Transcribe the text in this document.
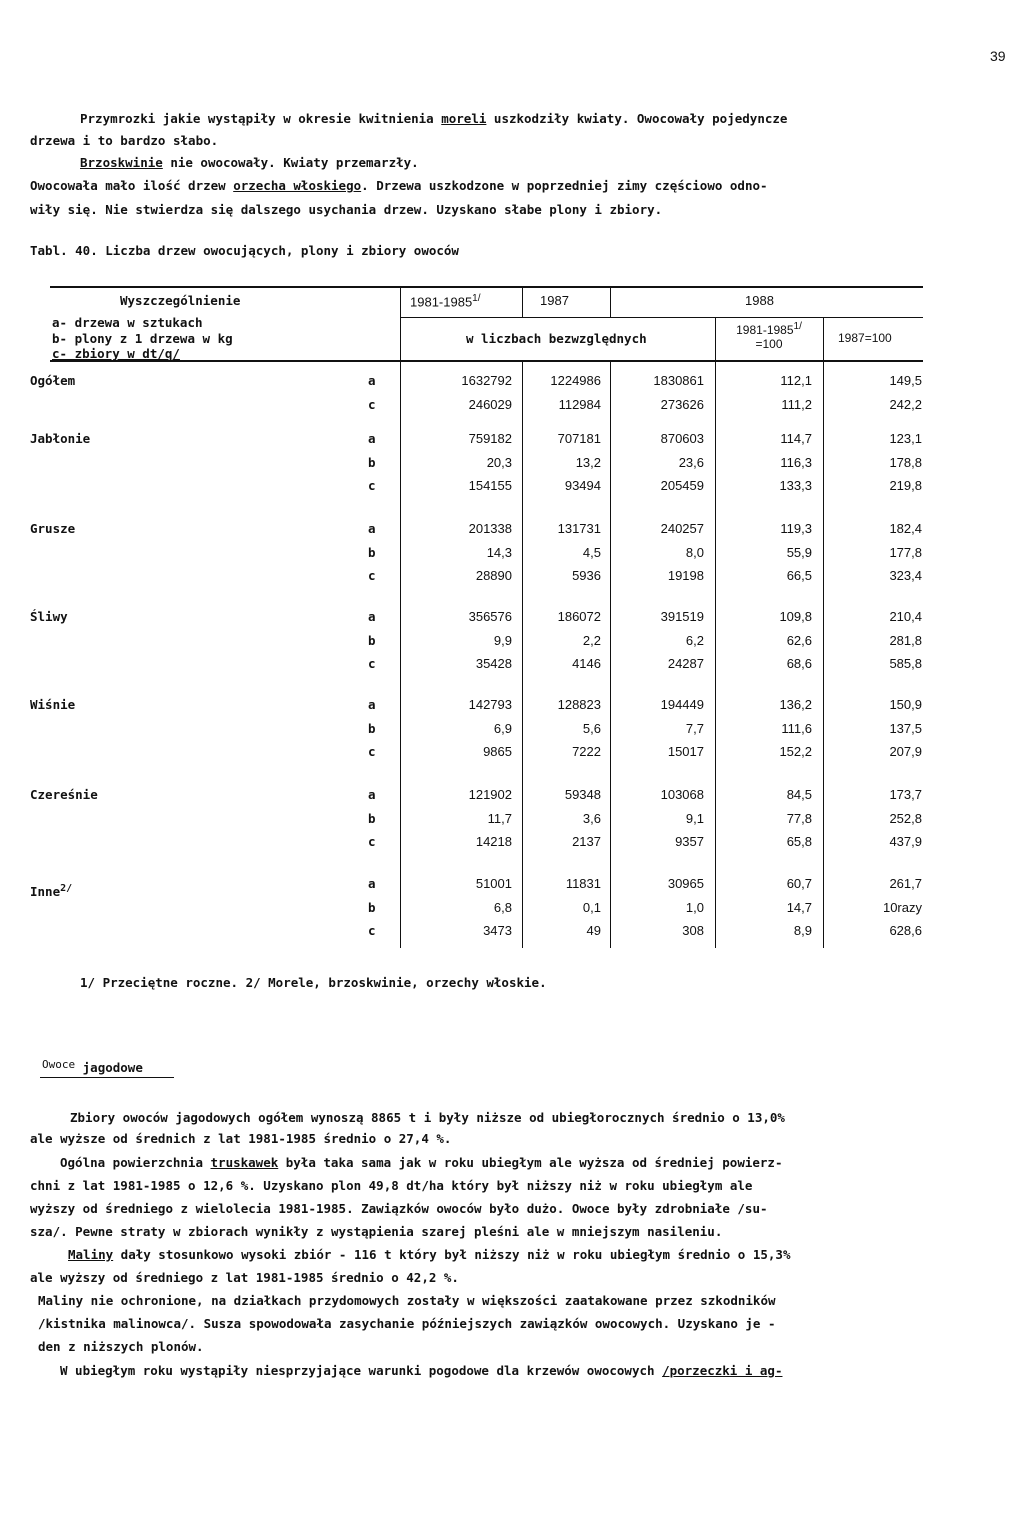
39
Przymrozki jakie wystąpiły w okresie kwitnienia moreli uszkodziły kwiaty. Owocowały pojedyncze
drzewa i to bardzo słabo.
Brzoskwinie nie owocowały. Kwiaty przemarzły.
Owocowała mało ilość drzew orzecha włoskiego. Drzewa uszkodzone w poprzedniej zimy częściowo odno-
wiły się. Nie stwierdza się dalszego usychania drzew. Uzyskano słabe plony i zbiory.
Tabl. 40. Liczba drzew owocujących, plony i zbiory owoców
Wyszczególnienie
a- drzewa w sztukach
b- plony z 1 drzewa w kg
c- zbiory w dt/q/
$1981-1985^{1/}$	1987	1988
w liczbach bezwzględnych
$1981-1985^{1/}$
=100	1987=100
Ogółem	a	1632792	1224986	1830861	112,1	149,5
c	246029	112984	273626	111,2	242,2
Jabłonie	a	759182	707181	870603	114,7	123,1
b	20,3	13,2	23,6	116,3	178,8
c	154155	93494	205459	133,3	219,8
Grusze	a	201338	131731	240257	119,3	182,4
b	14,3	4,5	8,0	55,9	177,8
c	28890	5936	19198	66,5	323,4
Śliwy	a	356576	186072	391519	109,8	210,4
b	9,9	2,2	6,2	62,6	281,8
c	35428	4146	24287	68,6	585,8
Wiśnie	a	142793	128823	194449	136,2	150,9
b	6,9	5,6	7,7	111,6	137,5
c	9865	7222	15017	152,2	207,9
Czereśnie	a	121902	59348	103068	84,5	173,7
b	11,7	3,6	9,1	77,8	252,8
c	14218	2137	9357	65,8	437,9
Inne$^{2/}$	a	51001	11831	30965	60,7	261,7
b	6,8	0,1	1,0	14,7	10razy
c	3473	49	308	8,9	628,6
1/ Przeciętne roczne. 2/ Morele, brzoskwinie, orzechy włoskie.
Owoce jagodowe
Zbiory owoców jagodowych ogółem wynoszą 8865 t i były niższe od ubiegłorocznych średnio o 13,0%
ale wyższe od średnich z lat 1981-1985 średnio o 27,4 %.
Ogólna powierzchnia truskawek była taka sama jak w roku ubiegłym ale wyższa od średniej powierz-
chni z lat 1981-1985 o 12,6 %. Uzyskano plon 49,8 dt/ha który był niższy niż w roku ubiegłym ale
wyższy od średniego z wielolecia 1981-1985. Zawiązków owoców było dużo. Owoce były zdrobniałe /su-
sza/. Pewne straty w zbiorach wynikły z wystąpienia szarej pleśni ale w mniejszym nasileniu.
Maliny dały stosunkowo wysoki zbiór - 116 t który był niższy niż w roku ubiegłym średnio o 15,3%
ale wyższy od średniego z lat 1981-1985 średnio o 42,2 %.
Maliny nie ochronione, na działkach przydomowych zostały w większości zaatakowane przez szkodników
/kistnika malinowca/. Susza spowodowała zasychanie późniejszych zawiązków owocowych. Uzyskano je -
den z niższych plonów.
W ubiegłym roku wystąpiły niesprzyjające warunki pogodowe dla krzewów owocowych /porzeczki i ag-
